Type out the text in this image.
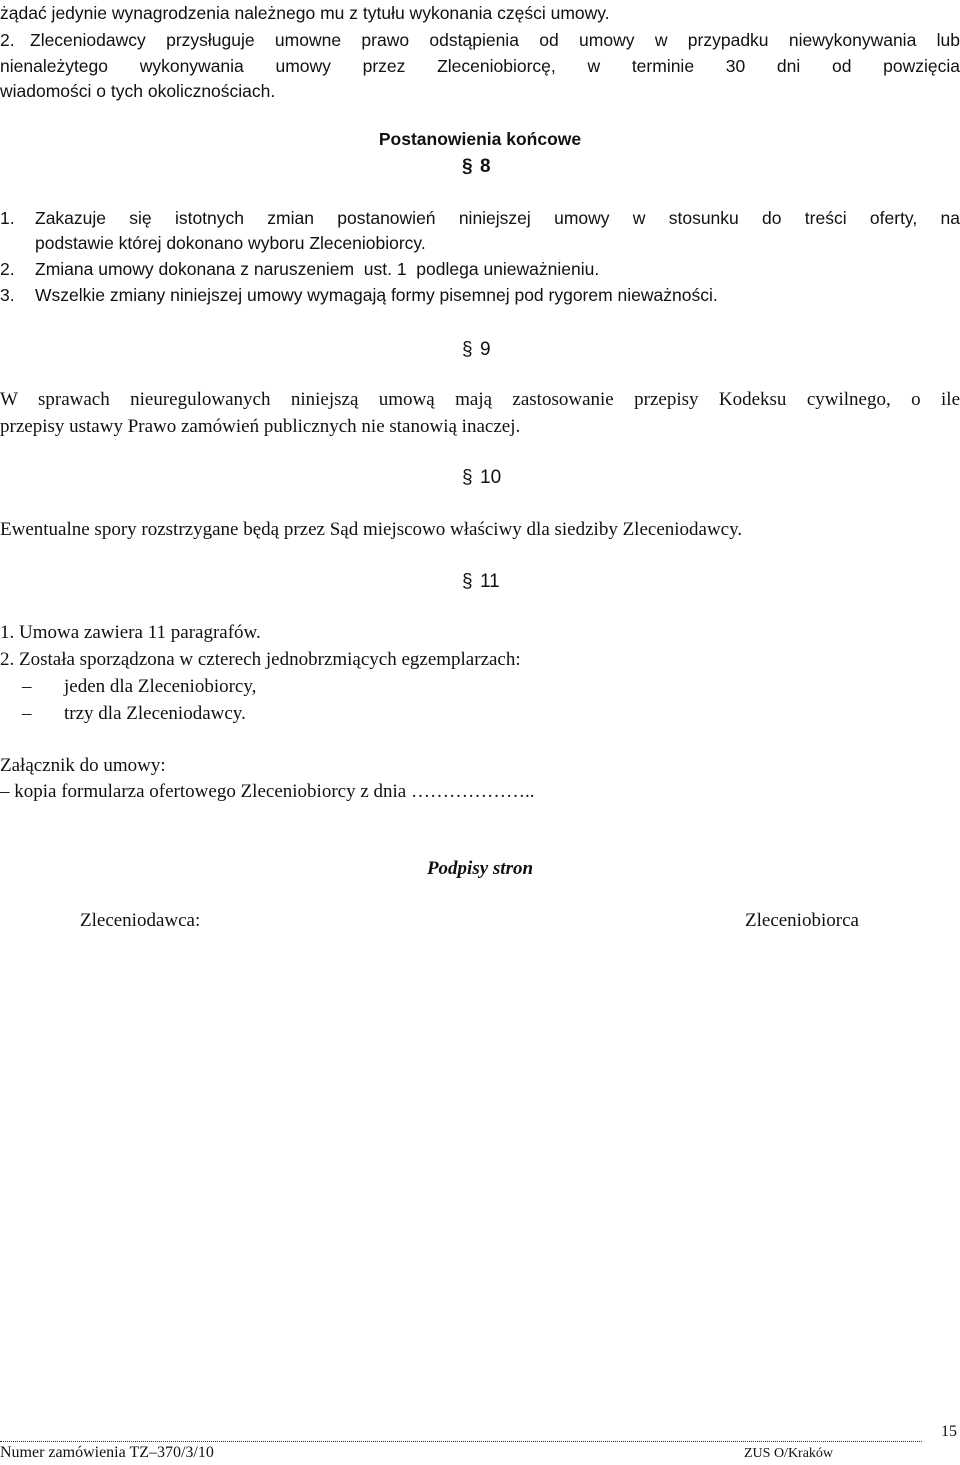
żądać jedynie wynagrodzenia należnego mu z tytułu wykonania części umowy.
2. Zleceniodawcy przysługuje umowne prawo odstąpienia od umowy w przypadku niewykonywania lub
nienależytego wykonywania umowy przez Zleceniobiorcę, w terminie 30 dni od powzięcia
wiadomości o tych okolicznościach.
Postanowienia końcowe
§ 8
1. Zakazuje się istotnych zmian postanowień niniejszej umowy w stosunku do treści oferty, na
podstawie której dokonano wyboru Zleceniobiorcy.
2. Zmiana umowy dokonana z naruszeniem  ust. 1  podlega unieważnieniu.
3. Wszelkie zmiany niniejszej umowy wymagają formy pisemnej pod rygorem nieważności.
§ 9
W sprawach nieuregulowanych niniejszą umową mają zastosowanie przepisy Kodeksu cywilnego, o ile
przepisy ustawy Prawo zamówień publicznych nie stanowią inaczej.
§ 10
Ewentualne spory rozstrzygane będą przez Sąd miejscowo właściwy dla siedziby Zleceniodawcy.
§ 11
1. Umowa zawiera 11 paragrafów.
2. Została sporządzona w czterech jednobrzmiących egzemplarzach:
– jeden dla Zleceniobiorcy,
– trzy dla Zleceniodawcy.
Załącznik do umowy:
– kopia formularza ofertowego Zleceniobiorcy z dnia ………………..
Podpisy stron
Zleceniodawca:	Zleceniobiorca
15
Numer zamówienia TZ–370/3/10	ZUS O/Kraków
